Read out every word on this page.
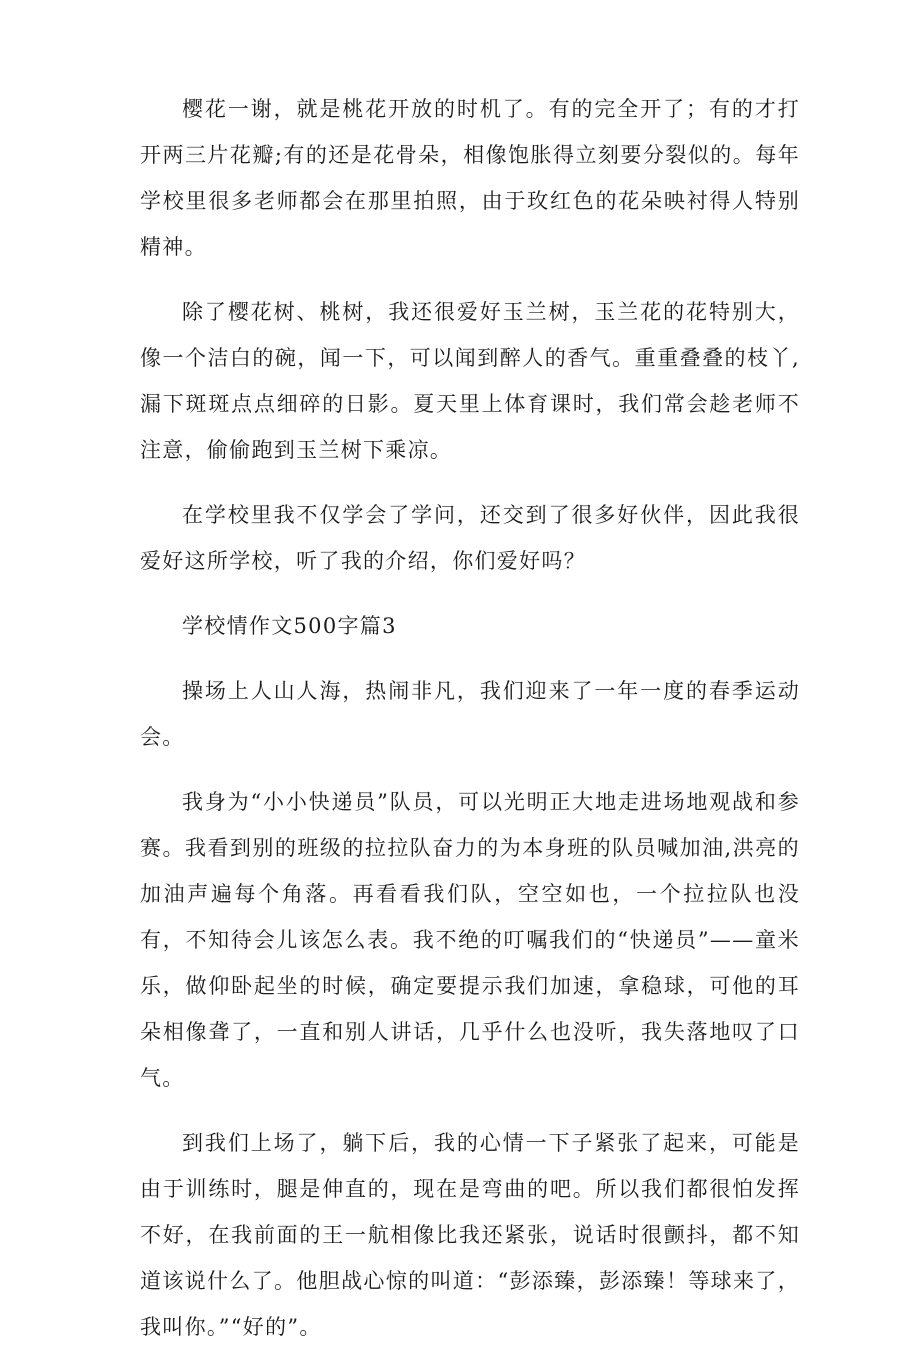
樱花一谢，就是桃花开放的时机了。有的完全开了；有的才打开两三片花瓣;有的还是花骨朵，相像饱胀得立刻要分裂似的。每年学校里很多老师都会在那里拍照，由于玫红色的花朵映衬得人特别精神。

除了樱花树、桃树，我还很爱好玉兰树，玉兰花的花特别大，像一个洁白的碗，闻一下，可以闻到醉人的香气。重重叠叠的枝丫,漏下斑斑点点细碎的日影。夏天里上体育课时，我们常会趁老师不注意，偷偷跑到玉兰树下乘凉。

在学校里我不仅学会了学问，还交到了很多好伙伴，因此我很爱好这所学校，听了我的介绍，你们爱好吗？

学校情作文500字篇3

操场上人山人海，热闹非凡，我们迎来了一年一度的春季运动会。

我身为“小小快递员”队员，可以光明正大地走进场地观战和参赛。我看到别的班级的拉拉队奋力的为本身班的队员喊加油,洪亮的加油声遍每个角落。再看看我们队，空空如也，一个拉拉队也没有，不知待会儿该怎么表。我不绝的叮嘱我们的“快递员”——童米乐，做仰卧起坐的时候，确定要提示我们加速，拿稳球，可他的耳朵相像聋了，一直和别人讲话，几乎什么也没听，我失落地叹了口气。

到我们上场了，躺下后，我的心情一下子紧张了起来，可能是由于训练时，腿是伸直的，现在是弯曲的吧。所以我们都很怕发挥不好，在我前面的王一航相像比我还紧张，说话时很颤抖，都不知道该说什么了。他胆战心惊的叫道：“彭添臻，彭添臻！等球来了，我叫你。”“好的”。
